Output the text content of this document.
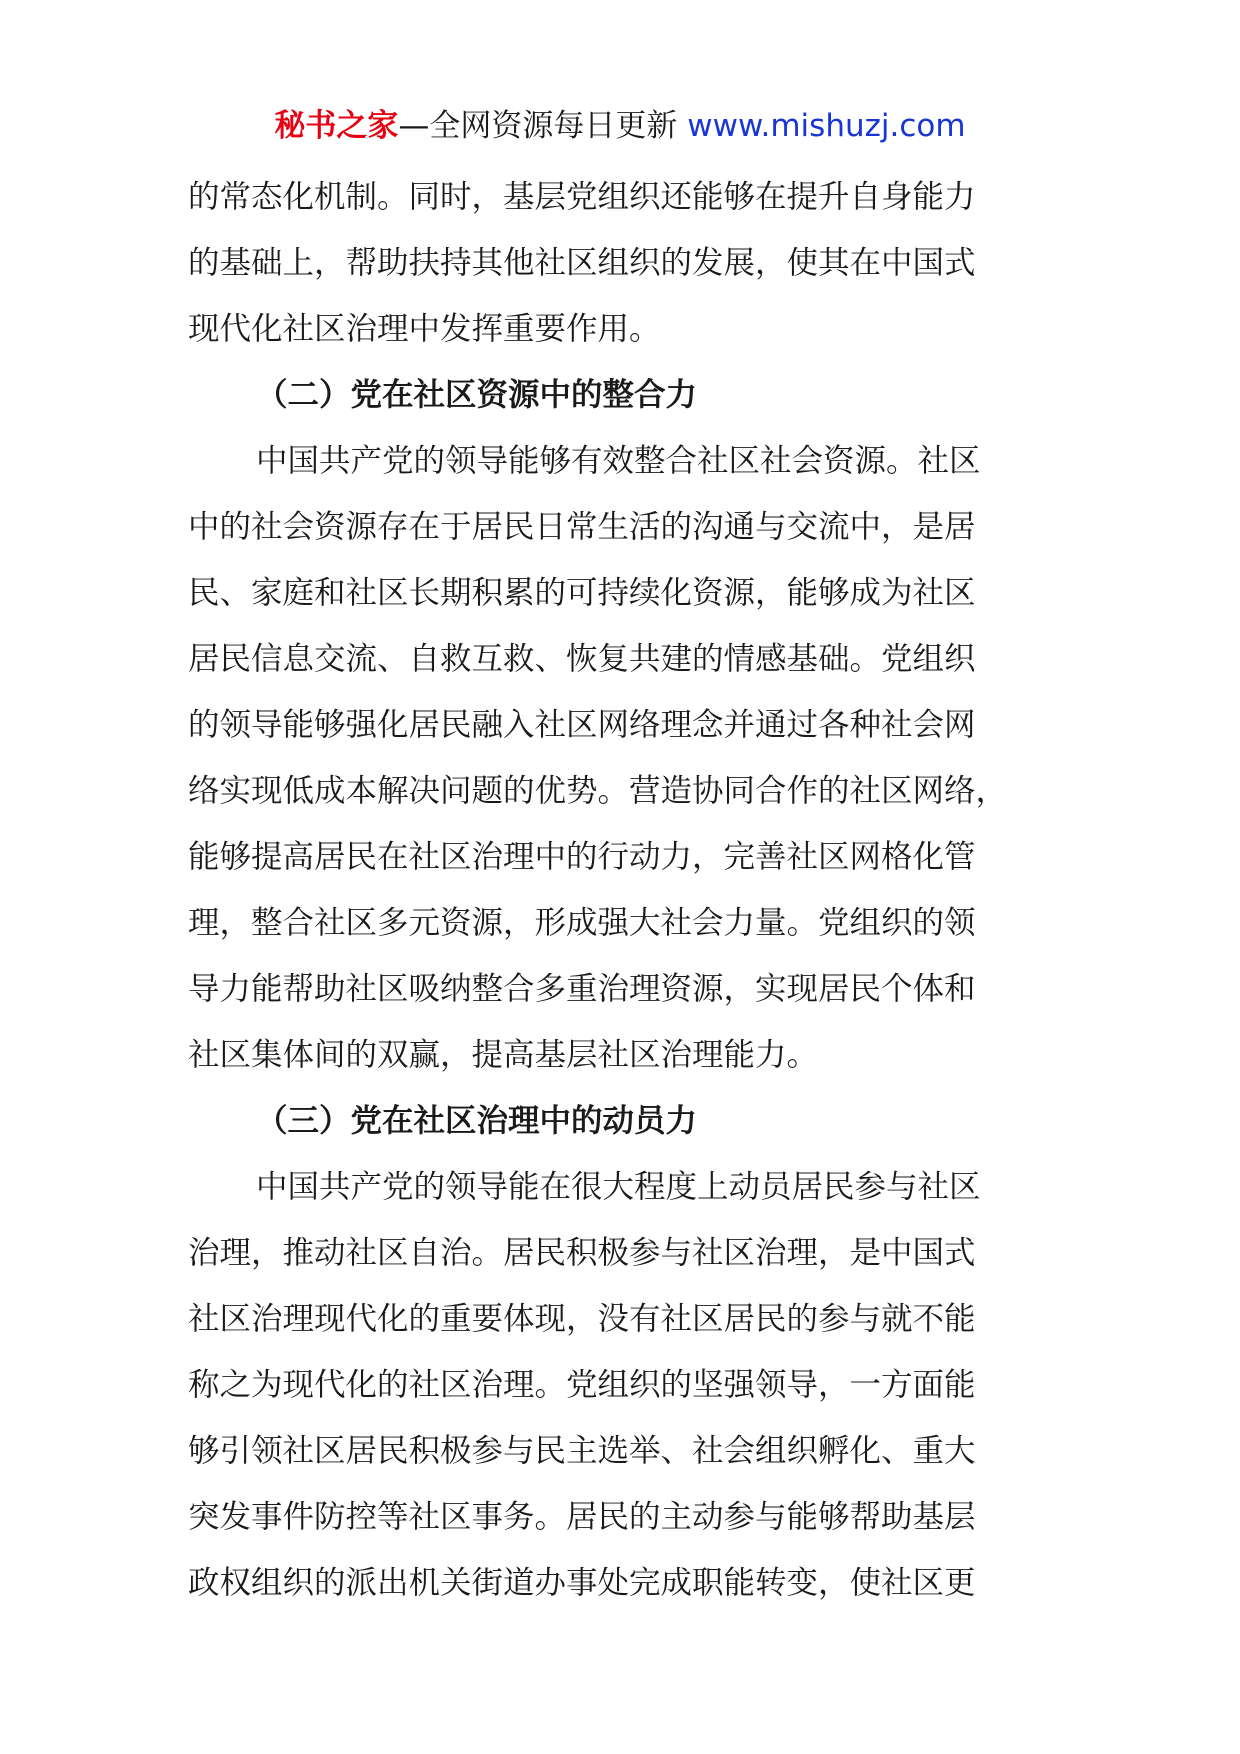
秘书之家—全网资源每日更新 www.mishuzj.com
的常态化机制。同时，基层党组织还能够在提升自身能力
的基础上，帮助扶持其他社区组织的发展，使其在中国式
现代化社区治理中发挥重要作用。
（二）党在社区资源中的整合力
中国共产党的领导能够有效整合社区社会资源。社区
中的社会资源存在于居民日常生活的沟通与交流中，是居
民、家庭和社区长期积累的可持续化资源，能够成为社区
居民信息交流、自救互救、恢复共建的情感基础。党组织
的领导能够强化居民融入社区网络理念并通过各种社会网
络实现低成本解决问题的优势。营造协同合作的社区网络，
能够提高居民在社区治理中的行动力，完善社区网格化管
理，整合社区多元资源，形成强大社会力量。党组织的领
导力能帮助社区吸纳整合多重治理资源，实现居民个体和
社区集体间的双赢，提高基层社区治理能力。
（三）党在社区治理中的动员力
中国共产党的领导能在很大程度上动员居民参与社区
治理，推动社区自治。居民积极参与社区治理，是中国式
社区治理现代化的重要体现，没有社区居民的参与就不能
称之为现代化的社区治理。党组织的坚强领导，一方面能
够引领社区居民积极参与民主选举、社会组织孵化、重大
突发事件防控等社区事务。居民的主动参与能够帮助基层
政权组织的派出机关街道办事处完成职能转变，使社区更
